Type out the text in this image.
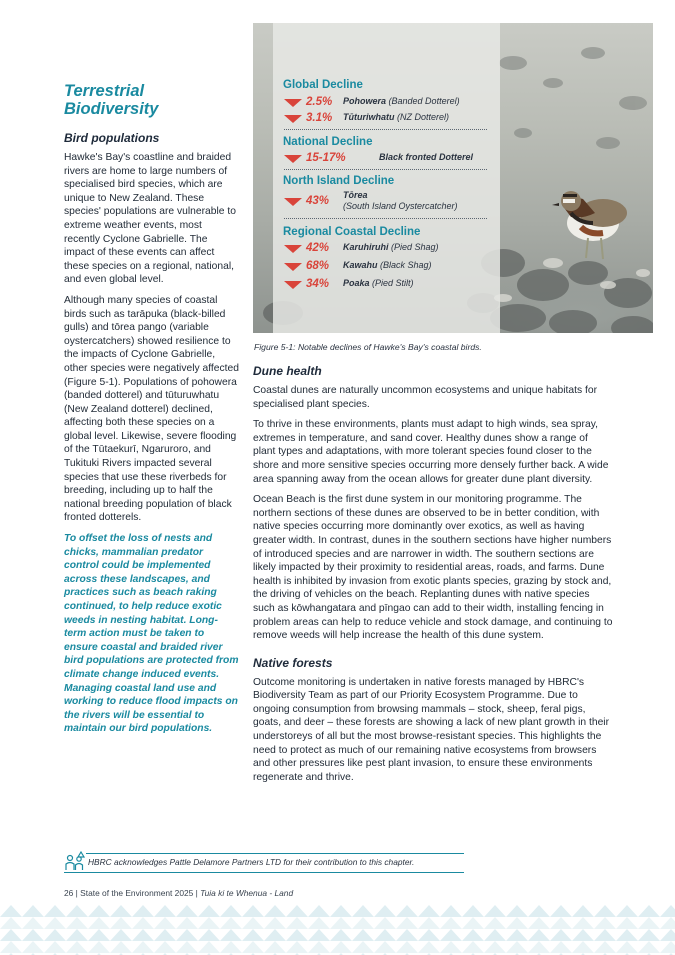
Terrestrial
Biodiversity
Bird populations

Hawke's Bay's coastline and braided rivers are home to large numbers of specialised bird species, which are unique to New Zealand. These species' populations are vulnerable to extreme weather events, most recently Cyclone Gabrielle. The impact of these events can affect these species on a regional, national, and even global level.

Although many species of coastal birds such as tarāpuka (black-billed gulls) and tōrea pango (variable oystercatchers) showed resilience to the impacts of Cyclone Gabrielle, other species were negatively affected (Figure 5-1). Populations of pohowera (banded dotterel) and tūturuwhatu (New Zealand dotterel) declined, affecting both these species on a global level. Likewise, severe flooding of the Tūtaekurī, Ngaruroro, and Tukituki Rivers impacted several species that use these riverbeds for breeding, including up to half the national breeding population of black fronted dotterels.

To offset the loss of nests and chicks, mammalian predator control could be implemented across these landscapes, and practices such as beach raking continued, to help reduce exotic weeds in nesting habitat. Long-term action must be taken to ensure coastal and braided river bird populations are protected from climate change induced events. Managing coastal land use and working to reduce flood impacts on the rivers will be essential to maintain our bird populations.

Global Decline
2.5% Pohowera (Banded Dotterel)
3.1% Tūturiwhatu (NZ Dotterel)
National Decline
15-17%	Black fronted Dotterel
North Island Decline
43% Tōrea
(South Island Oystercatcher)
Regional Coastal Decline
42% Karuhiruhi (Pied Shag)
68% Kawahu (Black Shag)
34% Poaka (Pied Stilt)
Figure 5-1: Notable declines of Hawke's Bay's coastal birds.
Dune health

Coastal dunes are naturally uncommon ecosystems and unique habitats for specialised plant species.

To thrive in these environments, plants must adapt to high winds, sea spray, extremes in temperature, and sand cover. Healthy dunes show a range of plant types and adaptations, with more tolerant species found closer to the shore and more sensitive species occurring more densely further back. A wide area spanning away from the ocean allows for greater dune plant diversity.

Ocean Beach is the first dune system in our monitoring programme. The northern sections of these dunes are observed to be in better condition, with native species occurring more dominantly over exotics, as well as having greater width. In contrast, dunes in the southern sections have higher numbers of introduced species and are narrower in width. The southern sections are likely impacted by their proximity to residential areas, roads, and farms. Dune health is inhibited by invasion from exotic plants species, grazing by stock and, the driving of vehicles on the beach. Replanting dunes with native species such as kōwhangatara and pīngao can add to their width, installing fencing in problem areas can help to reduce vehicle and stock damage, and continuing to remove weeds will help increase the health of this dune system.

Native forests

Outcome monitoring is undertaken in native forests managed by HBRC's Biodiversity Team as part of our Priority Ecosystem Programme. Due to ongoing consumption from browsing mammals – stock, sheep, feral pigs, goats, and deer – these forests are showing a lack of new plant growth in their understoreys of all but the most browse-resistant species. This highlights the need to protect as much of our remaining native ecosystems from browsers and other pressures like pest plant invasion, to ensure these environments regenerate and thrive.

HBRC acknowledges Pattle Delamore Partners LTD for their contribution to this chapter.
26 | State of the Environment 2025 | Tuia ki te Whenua - Land
